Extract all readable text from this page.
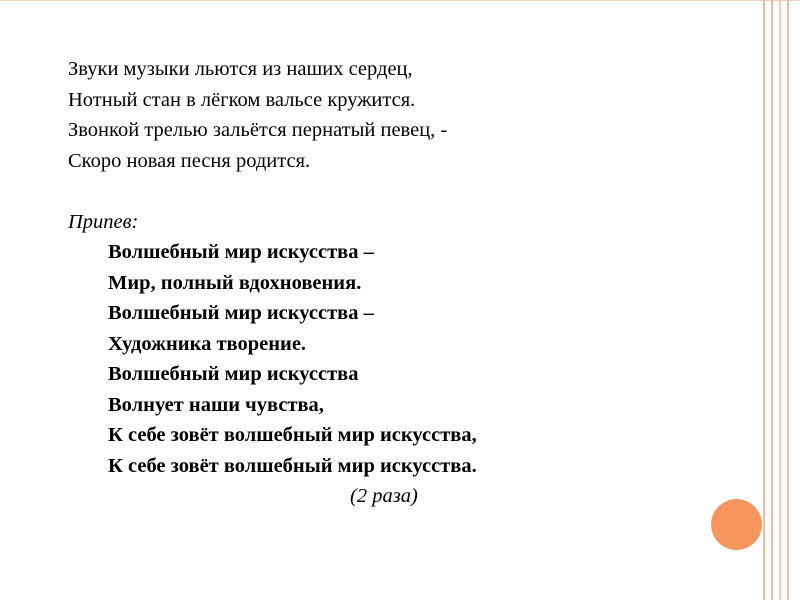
Звуки музыки льются из наших сердец,
Нотный стан в лёгком вальсе кружится.
Звонкой трелью зальётся пернатый певец, -
Скоро новая песня родится.
Припев:
Волшебный мир искусства –
Мир, полный вдохновения.
Волшебный мир искусства –
Художника творение.
Волшебный мир искусства
Волнует наши чувства,
К себе зовёт волшебный мир искусства,
К себе зовёт волшебный мир искусства.
(2 раза)
